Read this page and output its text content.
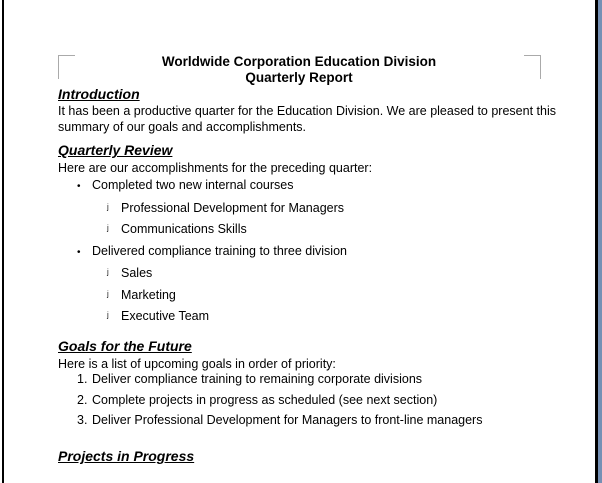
Worldwide Corporation Education Division
Quarterly Report
Introduction
It has been a productive quarter for the Education Division. We are pleased to present this
summary of our goals and accomplishments.
Quarterly Review
Here are our accomplishments for the preceding quarter:
• Completed two new internal courses
ʲ Professional Development for Managers
ʲ Communications Skills
• Delivered compliance training to three division
ʲ Sales
ʲ Marketing
ʲ Executive Team
Goals for the Future
Here is a list of upcoming goals in order of priority:
1. Deliver compliance training to remaining corporate divisions
2. Complete projects in progress as scheduled (see next section)
3. Deliver Professional Development for Managers to front-line managers
Projects in Progress
